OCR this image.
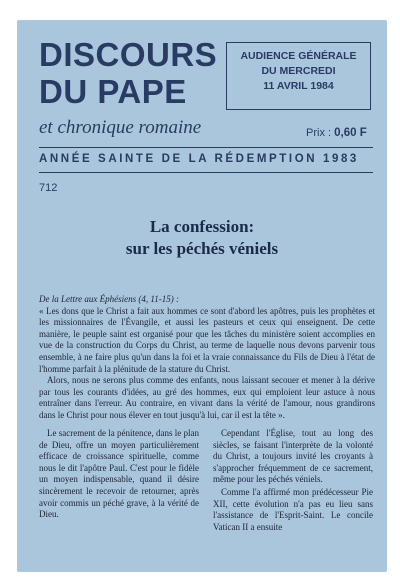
DISCOURS
DU PAPE
et chronique romaine
AUDIENCE GÉNÉRALE
DU MERCREDI
11 AVRIL 1984
Prix : 0,60 F
ANNÉE SAINTE DE LA RÉDEMPTION 1983
712
La confession:
sur les péchés véniels

De la Lettre aux Éphésiens (4, 11-15) :

« Les dons que le Christ a fait aux hommes ce sont d'abord les apôtres, puis les prophètes et les missionnaires de l'Évangile, et aussi les pasteurs et ceux qui enseignent. De cette manière, le peuple saint est organisé pour que les tâches du ministère soient accomplies en vue de la construction du Corps du Christ, au terme de laquelle nous devons parvenir tous ensemble, à ne faire plus qu'un dans la foi et la vraie connaissance du Fils de Dieu à l'état de l'homme parfait à la plénitude de la stature du Christ.

Alors, nous ne serons plus comme des enfants, nous laissant secouer et mener à la dérive par tous les courants d'idées, au gré des hommes, eux qui emploient leur astuce à nous entraîner dans l'erreur. Au contraire, en vivant dans la vérité de l'amour, nous grandirons dans le Christ pour nous élever en tout jusqu'à lui, car il est la tête ».

Le sacrement de la pénitence, dans le plan de Dieu, offre un moyen particulièrement efficace de croissance spirituelle, comme nous le dit l'apôtre Paul. C'est pour le fidèle un moyen indispensable, quand il désire sincèrement le recevoir de retourner, après avoir commis un péché grave, à la vérité de Dieu.

Cependant l'Église, tout au long des siècles, se faisant l'interprète de la volonté du Christ, a toujours invité les croyants à s'approcher fréquemment de ce sacrement, même pour les péchés véniels.

Comme l'a affirmé mon prédécesseur Pie XII, cette évolution n'a pas eu lieu sans l'assistance de l'Esprit-Saint. Le concile Vatican II a ensuite
